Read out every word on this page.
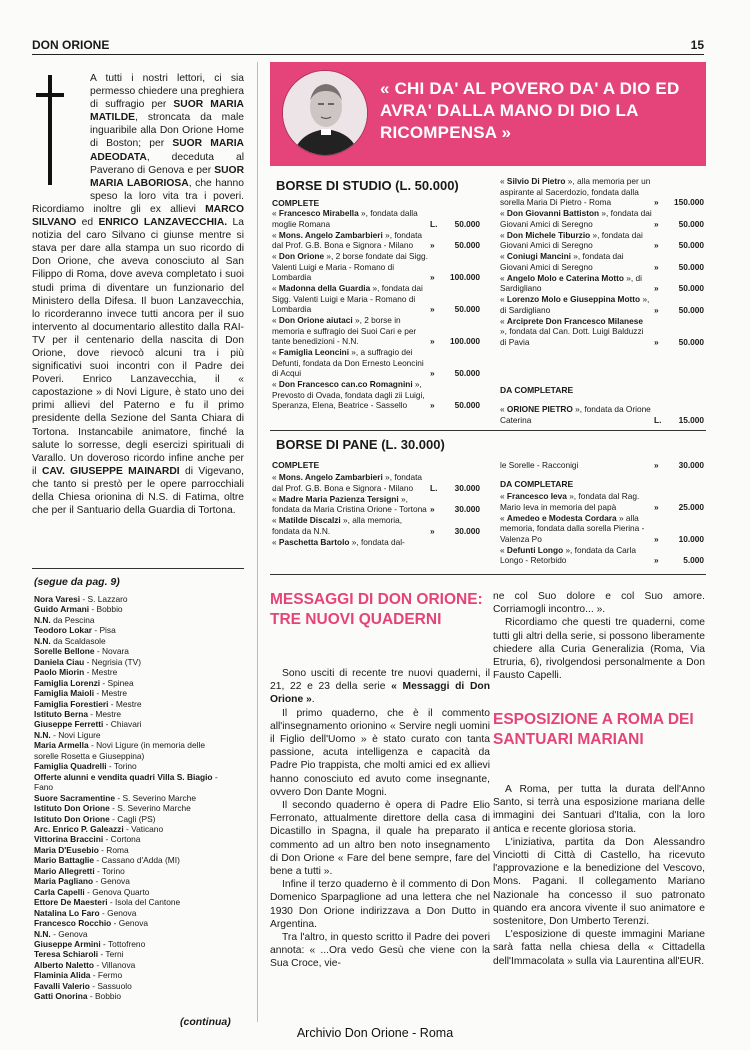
DON ORIONE	15
A tutti i nostri lettori, ci sia permesso chiedere una preghiera di suffragio per SUOR MARIA MATILDE, stroncata da male inguaribile alla Don Orione Home di Boston; per SUOR MARIA ADEODATA, deceduta al Paverano di Genova e per SUOR MARIA LABORIOSA, che hanno speso la loro vita tra i poveri. Ricordiamo inoltre gli ex allievi MARCO SILVANO ed ENRICO LANZAVECCHIA. La notizia del caro Silvano ci giunse mentre si stava per dare alla stampa un suo ricordo di Don Orione, che aveva conosciuto al San Filippo di Roma, dove aveva completato i suoi studi prima di diventare un funzionario del Ministero della Difesa. Il buon Lanzavecchia, lo ricorderanno invece tutti ancora per il suo intervento al documentario allestito dalla RAI-TV per il centenario della nascita di Don Orione, dove rievocò alcuni tra i più significativi suoi incontri con il Padre dei Poveri. Enrico Lanzavecchia, il « capostazione » di Novi Ligure, è stato uno dei primi allievi del Paterno e fu il primo presidente della Sezione del Santa Chiara di Tortona. Instancabile animatore, finché la salute lo sorresse, degli esercizi spirituali di Varallo. Un doveroso ricordo infine anche per il CAV. GIUSEPPE MAINARDI di Vigevano, che tanto si prestò per le opere parrocchiali della Chiesa orionina di N.S. di Fatima, oltre che per il Santuario della Guardia di Tortona.
(segue da pag. 9)
Nora Varesi - S. Lazzaro
Guido Armani - Bobbio
N.N. da Pescina
Teodoro Lokar - Pisa
N.N. da Scaldasole
Sorelle Bellone - Novara
Daniela Ciau - Negrisia (TV)
Paolo Miorin - Mestre
Famiglia Lorenzi - Spinea
Famiglia Maioli - Mestre
Famiglia Forestieri - Mestre
Istituto Berna - Mestre
Giuseppe Ferretti - Chiavari
N.N. - Novi Ligure
Maria Armella - Novi Ligure (in memoria delle
sorelle Rosetta e Giuseppina)
Famiglia Quadrelli - Torino
Offerte alunni e vendita quadri Villa S. Biagio -
Fano
Suore Sacramentine - S. Severino Marche
Istituto Don Orione - S. Severino Marche
Istituto Don Orione - Cagli (PS)
Arc. Enrico P. Galeazzi - Vaticano
Vittorina Braccini - Cortona
Maria D'Eusebio - Roma
Mario Battaglie - Cassano d'Adda (MI)
Mario Allegretti - Torino
Maria Pagliano - Genova
Carla Capelli - Genova Quarto
Ettore De Maesteri - Isola del Cantone
Natalina Lo Faro - Genova
Francesco Rocchio - Genova
N.N. - Genova
Giuseppe Armini - Tottofreno
Teresa Schiaroli - Terni
Alberto Naletto - Villanova
Flaminia Alida - Fermo
Favalli Valerio - Sassuolo
Gatti Onorina - Bobbio
(continua)
« CHI DA' AL POVERO DA' A DIO ED AVRA' DALLA MANO DI DIO LA RICOMPENSA »
BORSE DI STUDIO (L. 50.000)
COMPLETE
« Francesco Mirabella », fondata dalla moglie Romana	L. 50.000
« Mons. Angelo Zambarbieri », fondata dal Prof. G.B. Bona e Signora - Milano » 50.000
« Don Orione », 2 borse fondate dai Sigg. Valenti Luigi e Maria - Romano di Lombardia	» 100.000
« Madonna della Guardia », fondata dai Sigg. Valenti Luigi e Maria - Romano di Lombardia	» 50.000
« Don Orione aiutaci », 2 borse in memoria e suffragio dei Suoi Cari e per tante benedizioni - N.N.	» 100.000
« Famiglia Leoncini », a suffragio dei Defunti, fondata da Don Ernesto Leoncini di Acqui	» 50.000
« Don Francesco can.co Romagnini », Prevosto di Ovada, fondata dagli zii Luigi, Speranza, Elena, Beatrice - Sassello	» 50.000
« Silvio Di Pietro », alla memoria per un aspirante al Sacerdozio, fondata dalla sorella Maria Di Pietro - Roma	» 150.000
« Don Giovanni Battiston », fondata dai Giovani Amici di Seregno	» 50.000
« Don Michele Tiburzio », fondata dai Giovani Amici di Seregno	» 50.000
« Coniugi Mancini », fondata dai Giovani Amici di Seregno	» 50.000
« Angelo Molo e Caterina Motto », di Sardigliano	» 50.000
« Lorenzo Molo e Giuseppina Motto », di Sardigliano	» 50.000
« Arciprete Don Francesco Milanese », fondata dal Can. Dott. Luigi Balduzzi di Pavia	» 50.000
DA COMPLETARE
« ORIONE PIETRO », fondata da Orione Caterina	L. 15.000
BORSE DI PANE (L. 30.000)
COMPLETE
« Mons. Angelo Zambarbieri », fondata dal Prof. G.B. Bona e Signora - Milano L. 30.000
« Madre Maria Pazienza Tersigni », fondata da Maria Cristina Orione - Tortona » 30.000
« Matilde Discalzi », alla memoria, fondata da N.N.	» 30.000
« Paschetta Bartolo », fondata dal-
le Sorelle - Racconigi	» 30.000
DA COMPLETARE
« Francesco Ieva », fondata dal Rag. Mario Ieva in memoria del papà	» 25.000
« Amedeo e Modesta Cordara » alla memoria, fondata dalla sorella Pierina - Valenza Po	» 10.000
« Defunti Longo », fondata da Carla Longo - Retorbido	»	5.000
MESSAGGI DI DON ORIONE: TRE NUOVI QUADERNI

Sono usciti di recente tre nuovi quaderni, il 21, 22 e 23 della serie « Messaggi di Don Orione ».

Il primo quaderno, che è il commento all'insegnamento orionino « Servire negli uomini il Figlio dell'Uomo » è stato curato con tanta passione, acuta intelligenza e capacità da Padre Pio trappista, che molti amici ed ex allievi hanno conosciuto ed avuto come insegnante, ovvero Don Dante Mogni.

Il secondo quaderno è opera di Padre Elio Ferronato, attualmente direttore della casa di Dicastillo in Spagna, il quale ha preparato il commento ad un altro ben noto insegnamento di Don Orione « Fare del bene sempre, fare del bene a tutti ».

Infine il terzo quaderno è il commento di Don Domenico Sparpaglione ad una lettera che nel 1930 Don Orione indirizzava a Don Dutto in Argentina.

Tra l'altro, in questo scritto il Padre dei poveri annota: « ...Ora vedo Gesù che viene con la Sua Croce, vie-

ne col Suo dolore e col Suo amore. Corriamogli incontro... ».

Ricordiamo che questi tre quaderni, come tutti gli altri della serie, si possono liberamente chiedere alla Curia Generalizia (Roma, Via Etruria, 6), rivolgendosi personalmente a Don Fausto Capelli.

ESPOSIZIONE A ROMA DEI SANTUARI MARIANI

A Roma, per tutta la durata dell'Anno Santo, si terrà una esposizione mariana delle immagini dei Santuari d'Italia, con la loro antica e recente gloriosa storia.

L'iniziativa, partita da Don Alessandro Vinciotti di Città di Castello, ha ricevuto l'approvazione e la benedizione del Vescovo, Mons. Pagani. Il collegamento Mariano Nazionale ha concesso il suo patronato quando era ancora vivente il suo animatore e sostenitore, Don Umberto Terenzi.

L'esposizione di queste immagini Mariane sarà fatta nella chiesa della « Cittadella dell'Immacolata » sulla via Laurentina all'EUR.

Archivio Don Orione - Roma
